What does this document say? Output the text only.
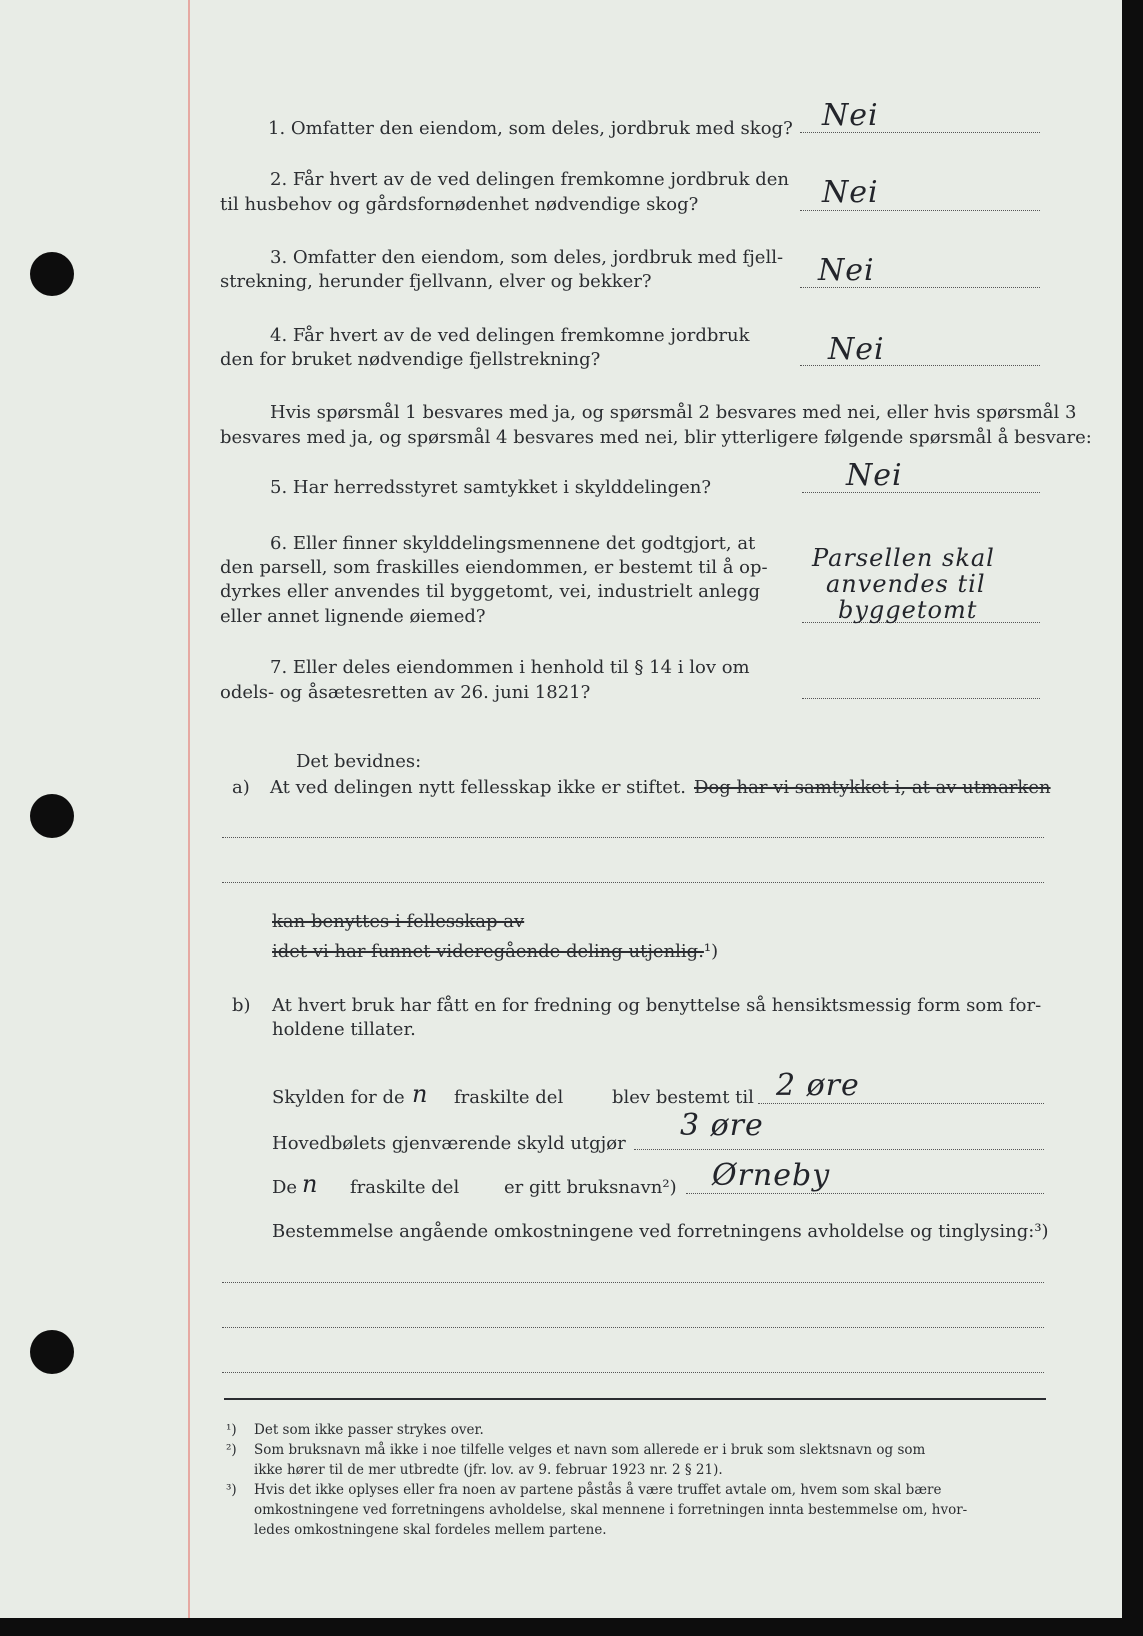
1. Omfatter den eiendom, som deles, jordbruk med skog? Nei
2. Får hvert av de ved delingen fremkomne jordbruk den
til husbehov og gårdsfornødenhet nødvendige skog?	Nei
3. Omfatter den eiendom, som deles, jordbruk med fjell-
strekning, herunder fjellvann, elver og bekker?	Nei
4. Får hvert av de ved delingen fremkomne jordbruk
den for bruket nødvendige fjellstrekning?	Nei
Hvis spørsmål 1 besvares med ja, og spørsmål 2 besvares med nei, eller hvis spørsmål 3
besvares med ja, og spørsmål 4 besvares med nei, blir ytterligere følgende spørsmål å besvare:
5. Har herredsstyret samtykket i skylddelingen?	Nei
6. Eller finner skylddelingsmennene det godtgjort, at
den parsell, som fraskilles eiendommen, er bestemt til å op-
dyrkes eller anvendes til byggetomt, vei, industrielt anlegg
eller annet lignende øiemed?
Parsellen skal
anvendes til
byggetomt
7. Eller deles eiendommen i henhold til § 14 i lov om
odels- og åsætesretten av 26. juni 1821?
Det bevidnes:
a) At ved delingen nytt fellesskap ikke er stiftet. Dog har vi samtykket i, at av utmarken
kan benyttes i fellesskap av
idet vi har funnet videregående deling utjenlig.¹)
b) At hvert bruk har fått en for fredning og benyttelse så hensiktsmessig form som for-
holdene tillater.
Skylden for de n fraskilte del	blev bestemt til 2 øre
Hovedbølets gjenværende skyld utgjør
3 øre
De n fraskilte del er gitt bruksnavn²) Ørneby
Bestemmelse angående omkostningene ved forretningens avholdelse og tinglysing:³)
¹) Det som ikke passer strykes over.
²) Som bruksnavn må ikke i noe tilfelle velges et navn som allerede er i bruk som slektsnavn og som
ikke hører til de mer utbredte (jfr. lov. av 9. februar 1923 nr. 2 § 21).
³) Hvis det ikke oplyses eller fra noen av partene påstås å være truffet avtale om, hvem som skal bære
omkostningene ved forretningens avholdelse, skal mennene i forretningen innta bestemmelse om, hvor-
ledes omkostningene skal fordeles mellem partene.
